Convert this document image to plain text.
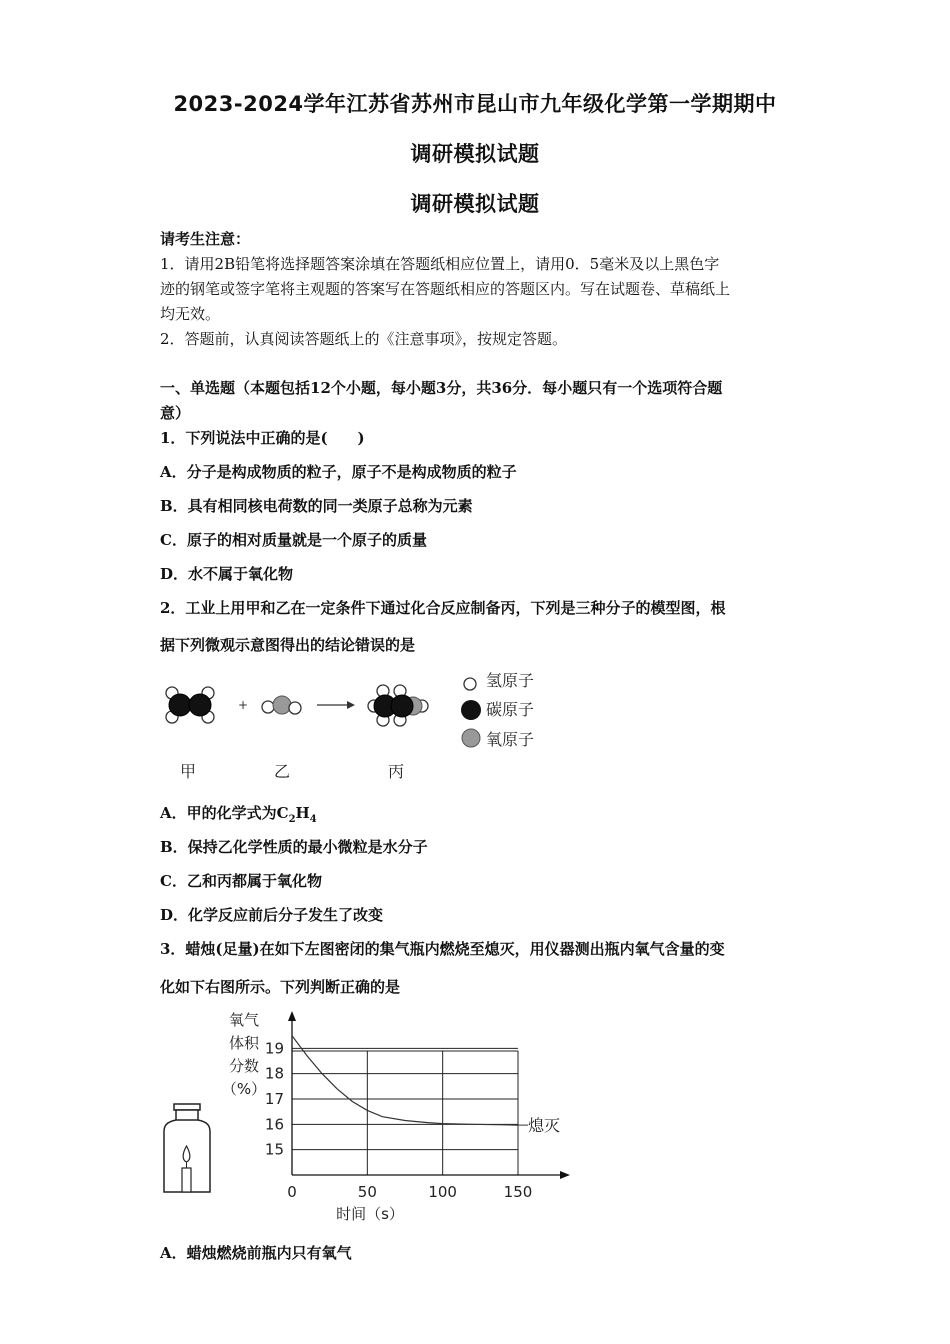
2023-2024学年江苏省苏州市昆山市九年级化学第一学期期中
调研模拟试题
调研模拟试题
请考生注意：
1．请用2B铅笔将选择题答案涂填在答题纸相应位置上，请用0．5毫米及以上黑色字
迹的钢笔或签字笔将主观题的答案写在答题纸相应的答题区内。写在试题卷、草稿纸上
均无效。
2．答题前，认真阅读答题纸上的《注意事项》，按规定答题。
一、单选题（本题包括12个小题，每小题3分，共36分．每小题只有一个选项符合题
意）
1．下列说法中正确的是(　　)
A．分子是构成物质的粒子，原子不是构成物质的粒子
B．具有相同核电荷数的同一类原子总称为元素
C．原子的相对质量就是一个原子的质量
D．水不属于氧化物
2．工业上用甲和乙在一定条件下通过化合反应制备丙，下列是三种分子的模型图，根
据下列微观示意图得出的结论错误的是
+
氢原子
碳原子
氧原子
甲	乙	丙
A．甲的化学式为$C_2H_4$
B．保持乙化学性质的最小微粒是水分子
C．乙和丙都属于氧化物
D．化学反应前后分子发生了改变
3．蜡烛(足量)在如下左图密闭的集气瓶内燃烧至熄灭，用仪器测出瓶内氧气含量的变
化如下右图所示。下列判断正确的是
氧气
体积
分数
（%）
15
16
17
18
19
0	50	100	150
时间（s）
熄灭
A．蜡烛燃烧前瓶内只有氧气
